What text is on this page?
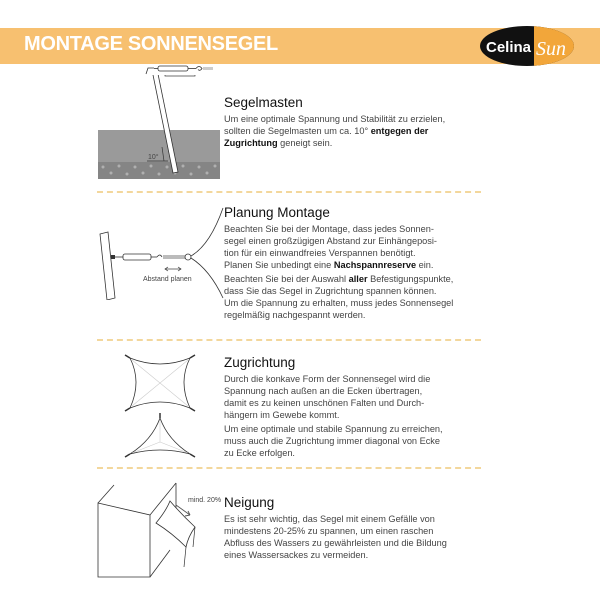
MONTAGE SONNENSEGEL	Celina Sun
10°
Segelmasten

Um eine optimale Spannung und Stabilität zu erzielen,
sollten die Segelmasten um ca. 10° entgegen der
Zugrichtung geneigt sein.

Abstand planen
Planung Montage

Beachten Sie bei der Montage, dass jedes Sonnen-
segel einen großzügigen Abstand zur Einhängeposi-
tion für ein einwandfreies Verspannen benötigt.
Planen Sie unbedingt eine Nachspannreserve ein.

Beachten Sie bei der Auswahl aller Befestigungspunkte,
dass Sie das Segel in Zugrichtung spannen können.
Um die Spannung zu erhalten, muss jedes Sonnensegel
regelmäßig nachgespannt werden.

Zugrichtung

Durch die konkave Form der Sonnensegel wird die
Spannung nach außen an die Ecken übertragen,
damit es zu keinen unschönen Falten und Durch-
hängern im Gewebe kommt.

Um eine optimale und stabile Spannung zu erreichen,
muss auch die Zugrichtung immer diagonal von Ecke
zu Ecke erfolgen.

mind. 20% Neigung

Es ist sehr wichtig, das Segel mit einem Gefälle von
mindestens 20-25% zu spannen, um einen raschen
Abfluss des Wassers zu gewährleisten und die Bildung
eines Wassersackes zu vermeiden.
